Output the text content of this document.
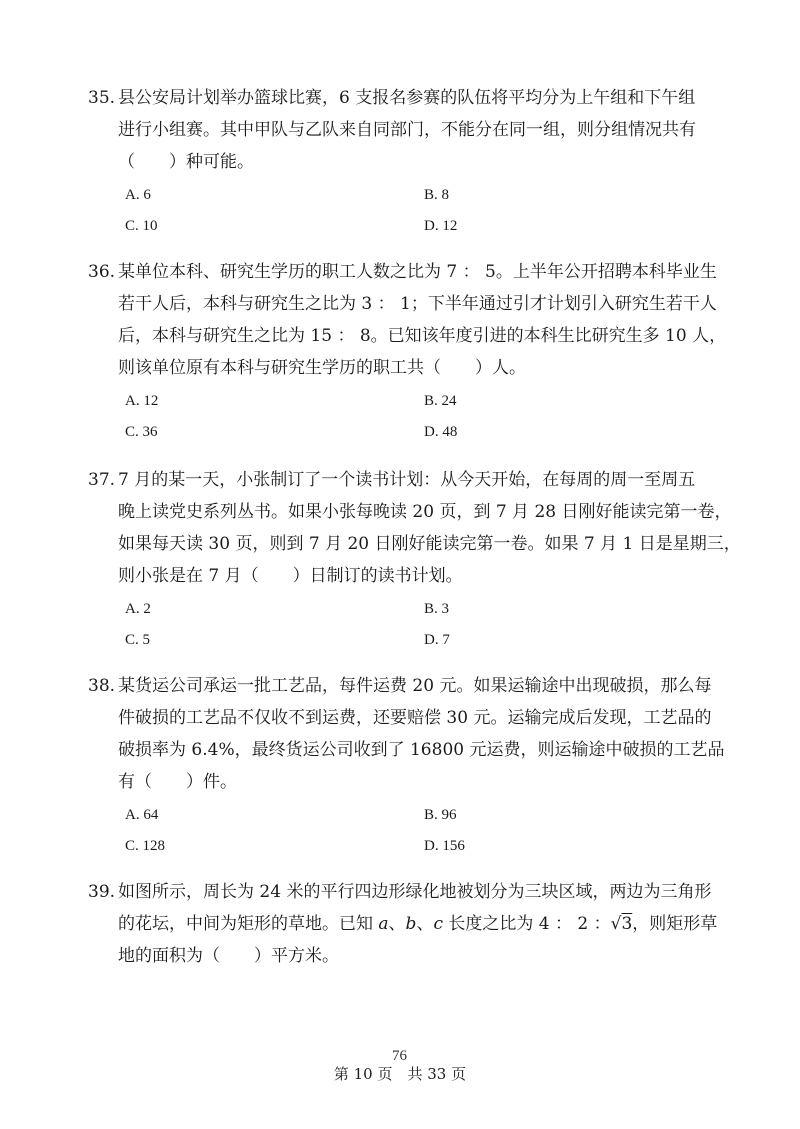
35. 县公安局计划举办篮球比赛，6 支报名参赛的队伍将平均分为上午组和下午组
进行小组赛。其中甲队与乙队来自同部门，不能分在同一组，则分组情况共有
（　　）种可能。
A. 6	B. 8
C. 10	D. 12
36. 某单位本科、研究生学历的职工人数之比为 7 ： 5。上半年公开招聘本科毕业生
若干人后，本科与研究生之比为 3 ： 1；下半年通过引才计划引入研究生若干人
后，本科与研究生之比为 15 ： 8。已知该年度引进的本科生比研究生多 10 人，
则该单位原有本科与研究生学历的职工共（　　）人。
A. 12	B. 24
C. 36	D. 48
37. 7 月的某一天，小张制订了一个读书计划：从今天开始，在每周的周一至周五
晚上读党史系列丛书。如果小张每晚读 20 页，到 7 月 28 日刚好能读完第一卷，
如果每天读 30 页，则到 7 月 20 日刚好能读完第一卷。如果 7 月 1 日是星期三，
则小张是在 7 月（　　）日制订的读书计划。
A. 2	B. 3
C. 5	D. 7
38. 某货运公司承运一批工艺品，每件运费 20 元。如果运输途中出现破损，那么每
件破损的工艺品不仅收不到运费，还要赔偿 30 元。运输完成后发现，工艺品的
破损率为 6.4%，最终货运公司收到了 16800 元运费，则运输途中破损的工艺品
有（　　）件。
A. 64	B. 96
C. 128	D. 156
39. 如图所示，周长为 24 米的平行四边形绿化地被划分为三块区域，两边为三角形
的花坛，中间为矩形的草地。已知 a、b、c 长度之比为 4 ： 2 ：√3，则矩形草
地的面积为（　　）平方米。
76
第 10 页　共 33 页
